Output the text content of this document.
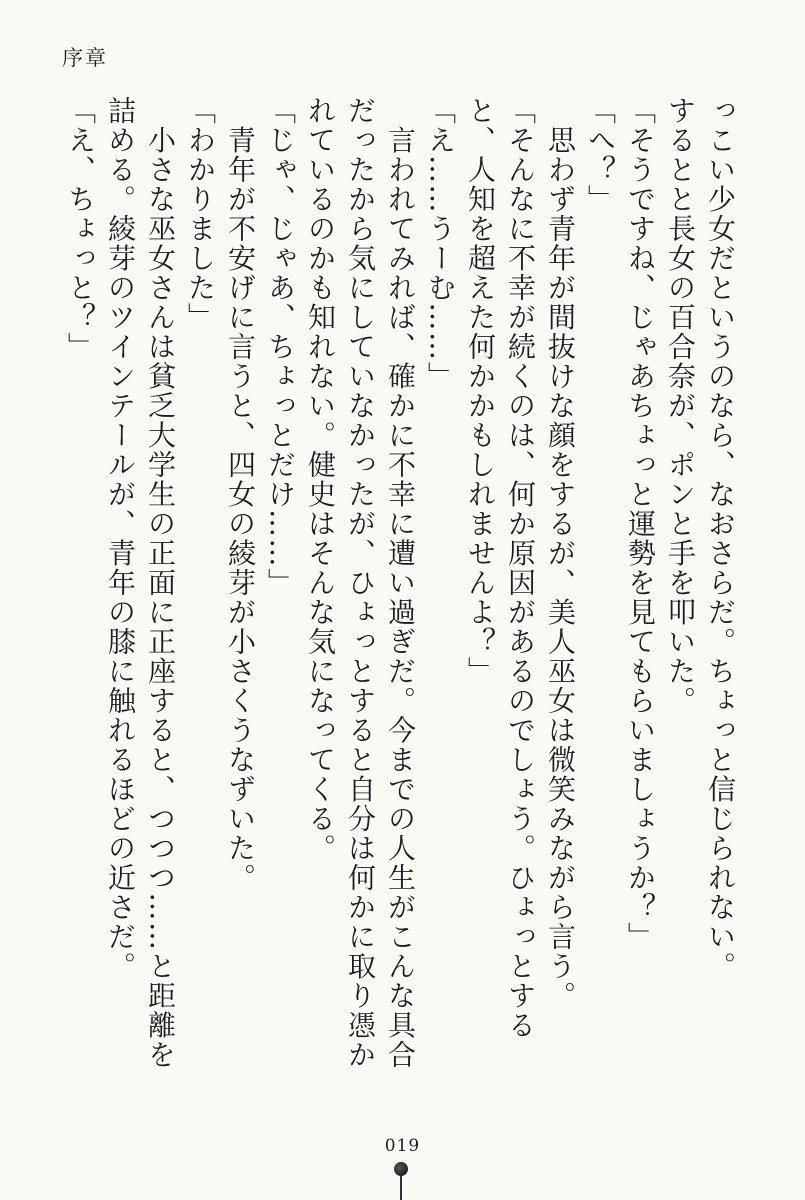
序章

っこい少女だというのなら、なおさらだ。ちょっと信じられない。

するとと長女の百合奈が、ポンと手を叩いた。

「そうですね、じゃあちょっと運勢を見てもらいましょうか？」

「へ？」

　思わず青年が間抜けな顔をするが、美人巫女は微笑みながら言う。

「そんなに不幸が続くのは、何か原因があるのでしょう。ひょっとすると、人知を超えた何かかもしれませんよ？」

「え……うーむ……」

　言われてみれば、確かに不幸に遭い過ぎだ。今までの人生がこんな具合だったから気にしていなかったが、ひょっとすると自分は何かに取り憑かれているのかも知れない。健史はそんな気になってくる。

「じゃ、じゃあ、ちょっとだけ……」

　青年が不安げに言うと、四女の綾芽が小さくうなずいた。

「わかりました」

　小さな巫女さんは貧乏大学生の正面に正座すると、つつつ……と距離を詰める。綾芽のツインテールが、青年の膝に触れるほどの近さだ。

「え、ちょっと？」

019
